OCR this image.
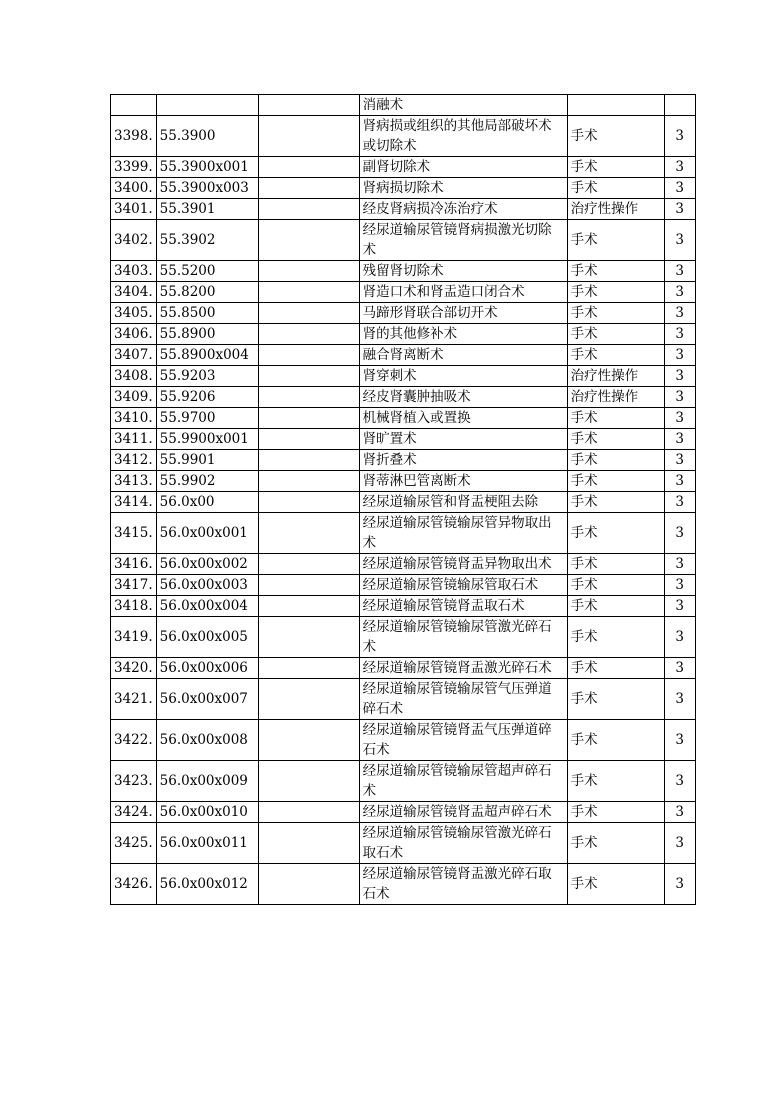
			消融术		
3398.	55.3900		肾病损或组织的其他局部破坏术或切除术	手术	3
3399.	55.3900x001		副肾切除术	手术	3
3400.	55.3900x003		肾病损切除术	手术	3
3401.	55.3901		经皮肾病损冷冻治疗术	治疗性操作	3
3402.	55.3902		经尿道输尿管镜肾病损激光切除术	手术	3
3403.	55.5200		残留肾切除术	手术	3
3404.	55.8200		肾造口术和肾盂造口闭合术	手术	3
3405.	55.8500		马蹄形肾联合部切开术	手术	3
3406.	55.8900		肾的其他修补术	手术	3
3407.	55.8900x004		融合肾离断术	手术	3
3408.	55.9203		肾穿刺术	治疗性操作	3
3409.	55.9206		经皮肾囊肿抽吸术	治疗性操作	3
3410.	55.9700		机械肾植入或置换	手术	3
3411.	55.9900x001		肾旷置术	手术	3
3412.	55.9901		肾折叠术	手术	3
3413.	55.9902		肾蒂淋巴管离断术	手术	3
3414.	56.0x00		经尿道输尿管和肾盂梗阻去除	手术	3
3415.	56.0x00x001		经尿道输尿管镜输尿管异物取出术	手术	3
3416.	56.0x00x002		经尿道输尿管镜肾盂异物取出术	手术	3
3417.	56.0x00x003		经尿道输尿管镜输尿管取石术	手术	3
3418.	56.0x00x004		经尿道输尿管镜肾盂取石术	手术	3
3419.	56.0x00x005		经尿道输尿管镜输尿管激光碎石术	手术	3
3420.	56.0x00x006		经尿道输尿管镜肾盂激光碎石术	手术	3
3421.	56.0x00x007		经尿道输尿管镜输尿管气压弹道碎石术	手术	3
3422.	56.0x00x008		经尿道输尿管镜肾盂气压弹道碎石术	手术	3
3423.	56.0x00x009		经尿道输尿管镜输尿管超声碎石术	手术	3
3424.	56.0x00x010		经尿道输尿管镜肾盂超声碎石术	手术	3
3425.	56.0x00x011		经尿道输尿管镜输尿管激光碎石取石术	手术	3
3426.	56.0x00x012		经尿道输尿管镜肾盂激光碎石取石术	手术	3
